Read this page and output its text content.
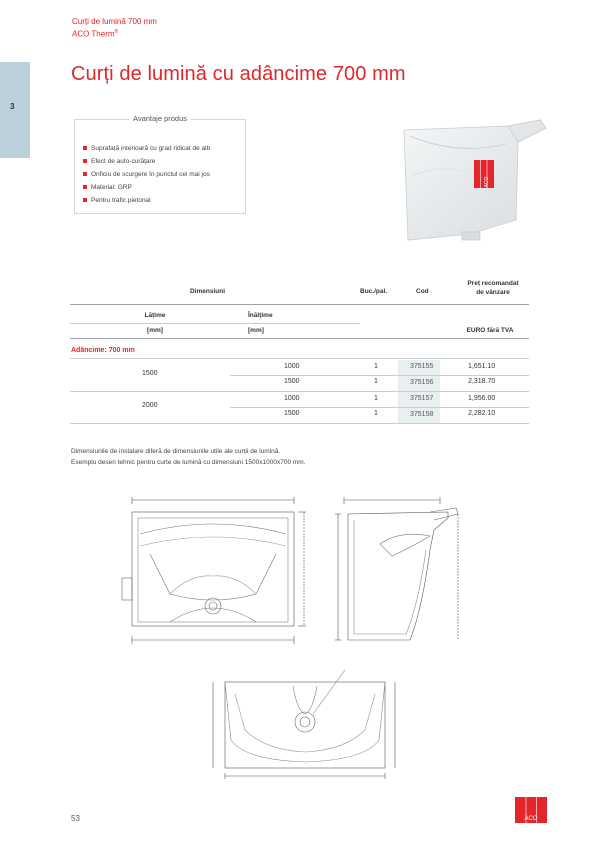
Curți de lumină 700 mm
ACO Therm®
3
Curți de lumină cu adâncime 700 mm
Avantaje produs
Suprafață interioară cu grad ridicat de alb
Efect de auto-curățare
Orificiu de scurgere în punctul cel mai jos
Material: GRP
Pentru trafic pietonal
ACO
Dimensiuni	Buc./pal.	Cod
Preț recomandat
de vânzare
Lățime	Înălțime
[mm]	[mm]	EURO fără TVA
Adâncime: 700 mm
1500
1000	1	375155	1,651.10
1500	1	375156	2,318.70
2000
1000	1	375157	1,956.00
1500	1	375158	2,282.10
Dimensiunile de instalare diferă de dimensiunile utile ale curții de lumină.
Exemplu desen tehnic pentru curte de lumină cu dimensiuni 1500x1000x700 mm.
53	ACO
